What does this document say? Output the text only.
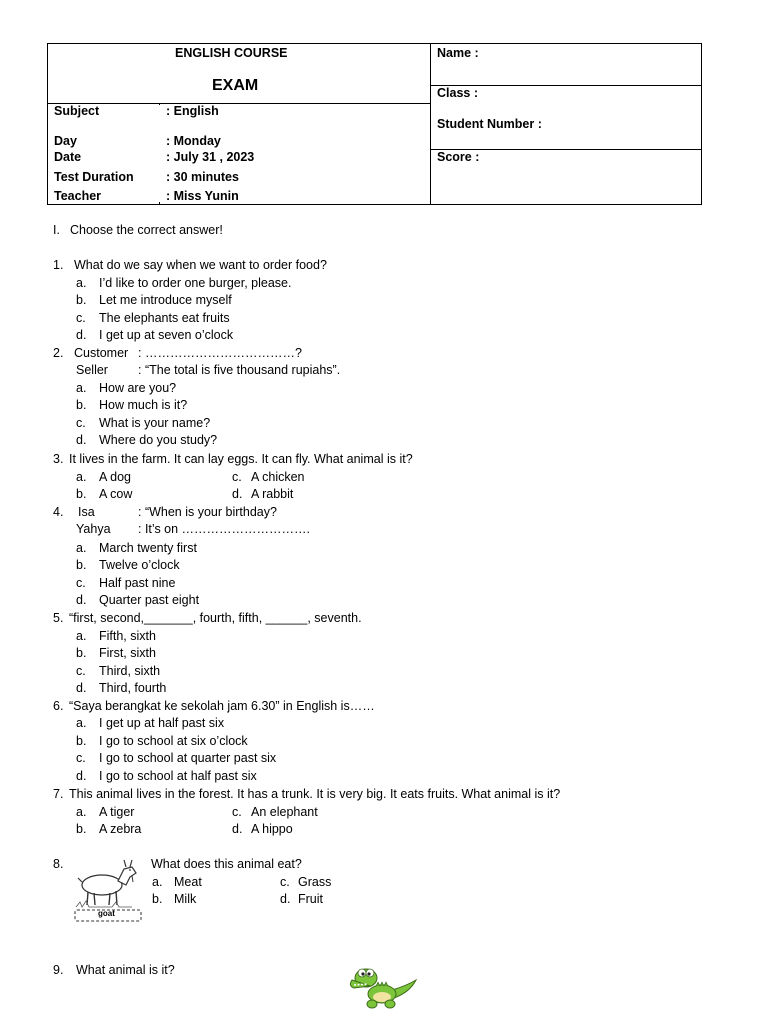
ENGLISH COURSE
EXAM
Subject	: English
Day	: Monday
Date	: July 31 , 2023
Test Duration	: 30 minutes
Teacher	: Miss Yunin
Name :
Class :
Student Number :
Score :
I. Choose the correct answer!
1. What do we say when we want to order food?
a. I’d like to order one burger, please.
b. Let me introduce myself
c. The elephants eat fruits
d. I get up at seven o’clock
2. Customer : ………………………………?
Seller : “The total is five thousand rupiahs”.
a. How are you?
b. How much is it?
c. What is your name?
d. Where do you study?
3. It lives in the farm. It can lay eggs. It can fly. What animal is it?
a. A dog	c. A chicken
b. A cow	d. A rabbit
4. Isa	: “When is your birthday?
Yahya : It’s on ………………………….
a. March twenty first
b. Twelve o’clock
c. Half past nine
d. Quarter past eight
5. “first, second,_______, fourth, fifth, ______, seventh.
a. Fifth, sixth
b. First, sixth
c. Third, sixth
d. Third, fourth
6. “Saya berangkat ke sekolah jam 6.30” in English is……
a. I get up at half past six
b. I go to school at six o’clock
c. I go to school at quarter past six
d. I go to school at half past six
7. This animal lives in the forest. It has a trunk. It is very big. It eats fruits. What animal is it?
a. A tiger	c. An elephant
b. A zebra	d. A hippo
8.
goat
What does this animal eat?
a. Meat	c. Grass
b. Milk	d. Fruit
9. What animal is it?
